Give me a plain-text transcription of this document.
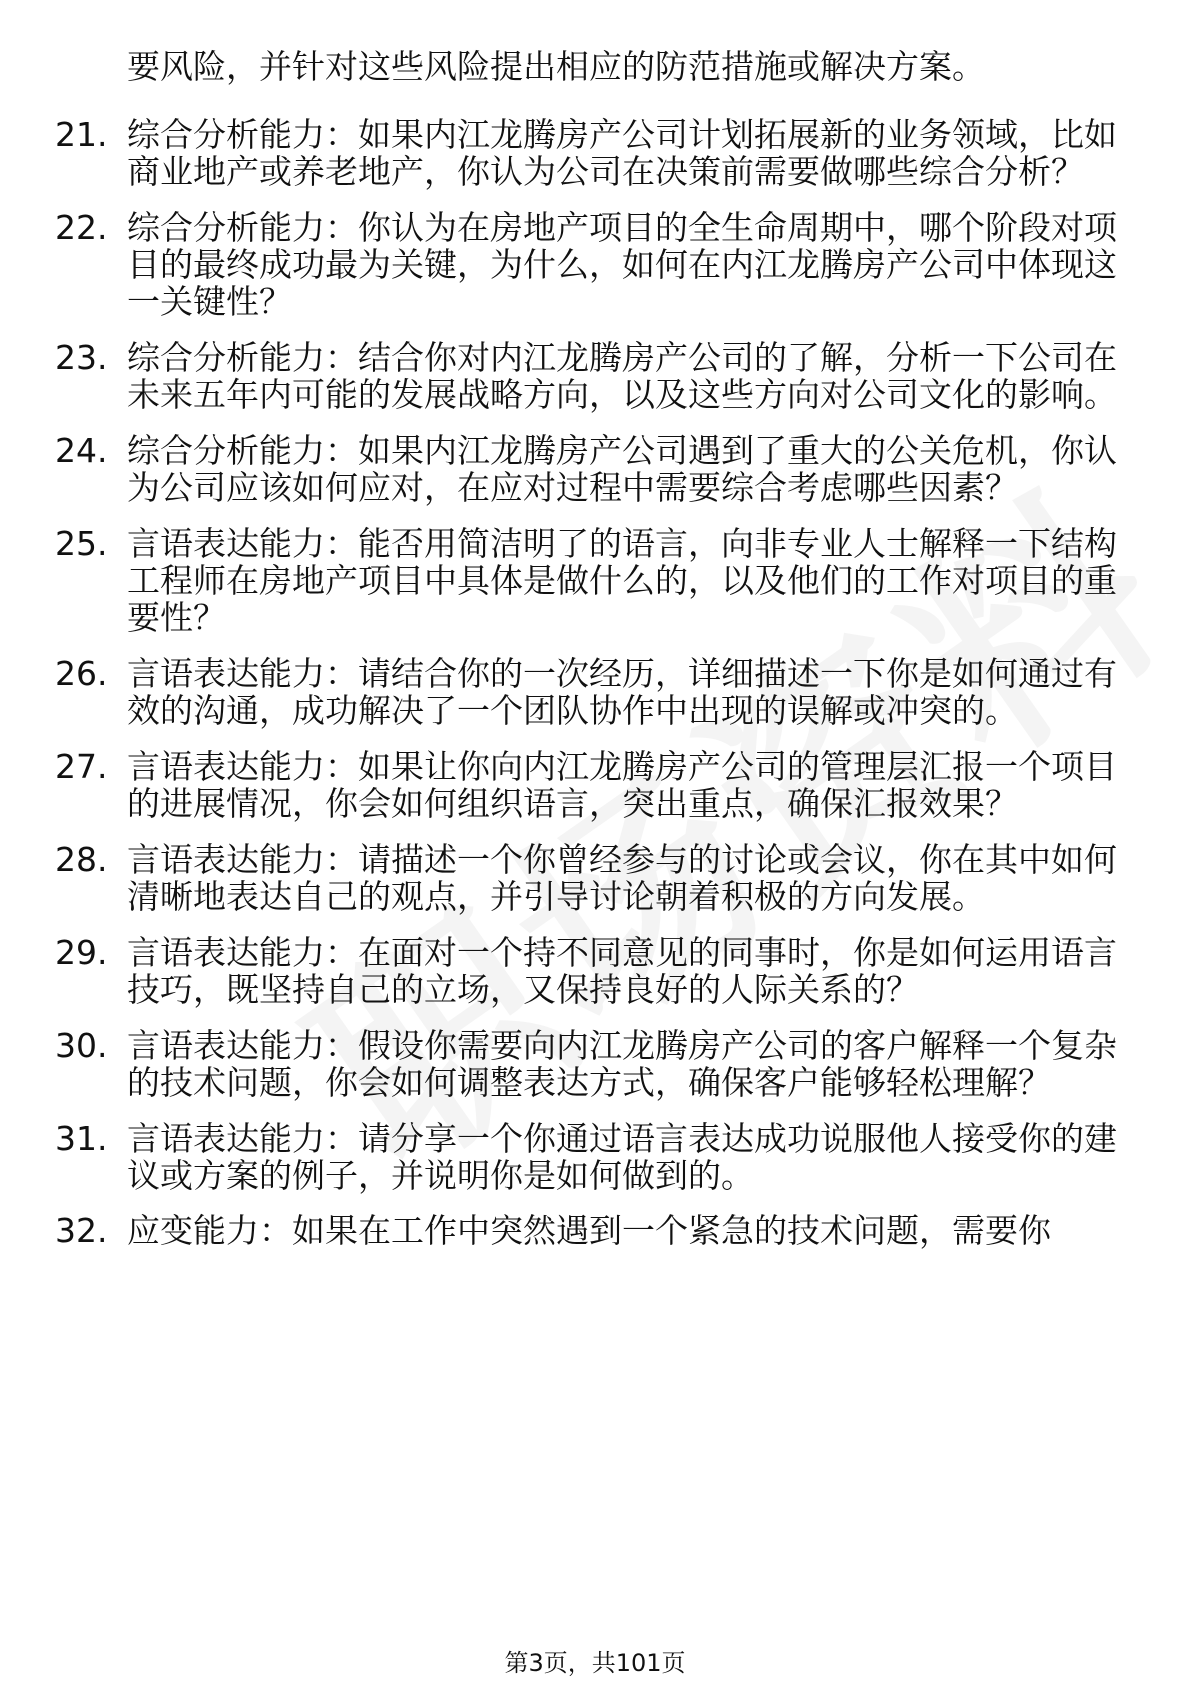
要风险，并针对这些风险提出相应的防范措施或解决方案。

21. 综合分析能力：如果内江龙腾房产公司计划拓展新的业务领域，比如商业地产或养老地产，你认为公司在决策前需要做哪些综合分析？
22. 综合分析能力：你认为在房地产项目的全生命周期中，哪个阶段对项目的最终成功最为关键，为什么，如何在内江龙腾房产公司中体现这一关键性？
23. 综合分析能力：结合你对内江龙腾房产公司的了解，分析一下公司在未来五年内可能的发展战略方向，以及这些方向对公司文化的影响。
24. 综合分析能力：如果内江龙腾房产公司遇到了重大的公关危机，你认为公司应该如何应对，在应对过程中需要综合考虑哪些因素？
25. 言语表达能力：能否用简洁明了的语言，向非专业人士解释一下结构工程师在房地产项目中具体是做什么的，以及他们的工作对项目的重要性？
26. 言语表达能力：请结合你的一次经历，详细描述一下你是如何通过有效的沟通，成功解决了一个团队协作中出现的误解或冲突的。
27. 言语表达能力：如果让你向内江龙腾房产公司的管理层汇报一个项目的进展情况，你会如何组织语言，突出重点，确保汇报效果？
28. 言语表达能力：请描述一个你曾经参与的讨论或会议，你在其中如何清晰地表达自己的观点，并引导讨论朝着积极的方向发展。
29. 言语表达能力：在面对一个持不同意见的同事时，你是如何运用语言技巧，既坚持自己的立场，又保持良好的人际关系的？
30. 言语表达能力：假设你需要向内江龙腾房产公司的客户解释一个复杂的技术问题，你会如何调整表达方式，确保客户能够轻松理解？
31. 言语表达能力：请分享一个你通过语言表达成功说服他人接受你的建议或方案的例子，并说明你是如何做到的。
32. 应变能力：如果在工作中突然遇到一个紧急的技术问题，需要你
第3页，共101页
